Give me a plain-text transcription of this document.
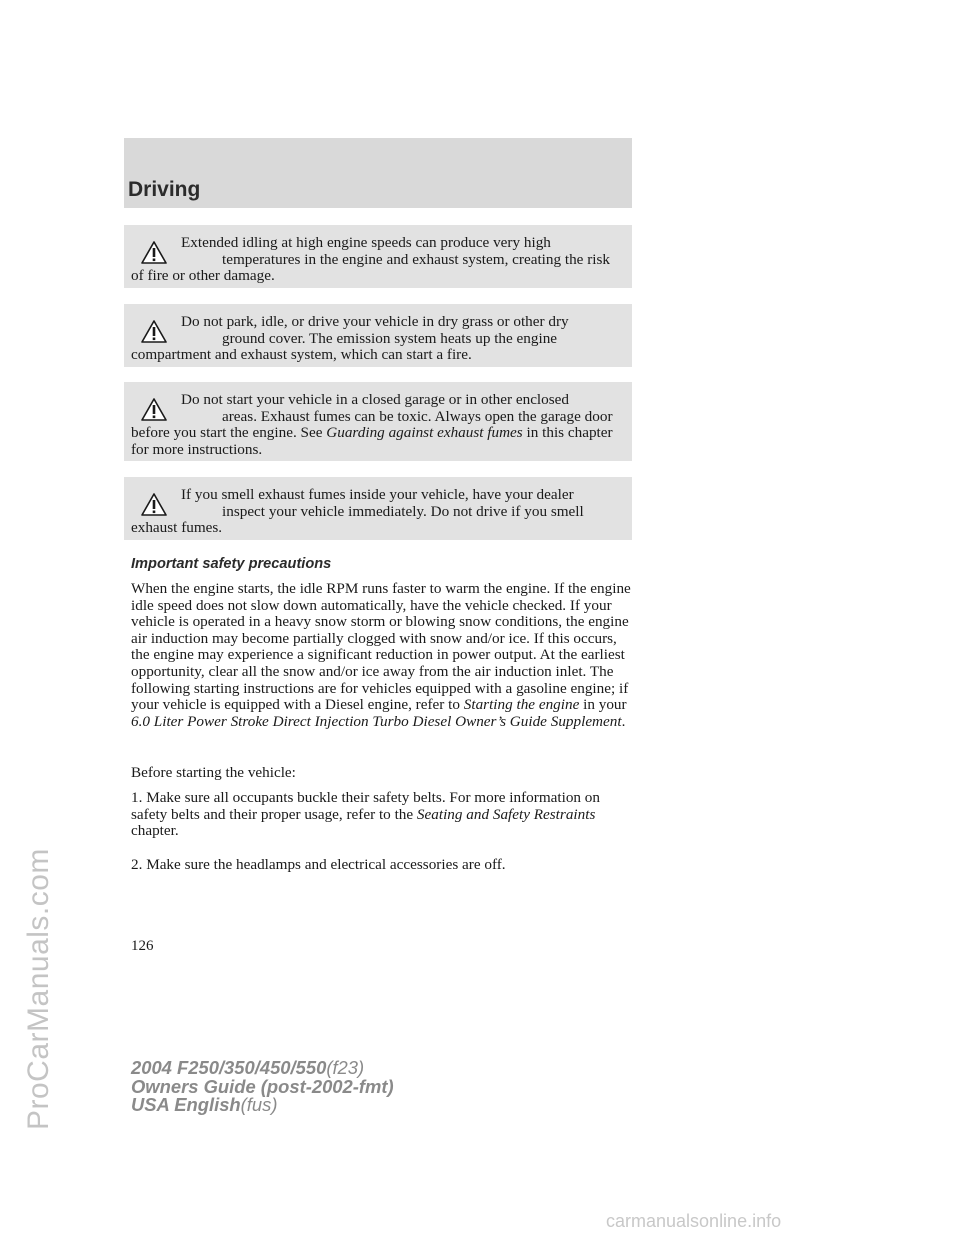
ProCarManuals.com
Driving

Extended idling at high engine speeds can produce very high

temperatures in the engine and exhaust system, creating the risk of fire or other damage.

Do not park, idle, or drive your vehicle in dry grass or other dry

ground cover. The emission system heats up the engine compartment and exhaust system, which can start a fire.

Do not start your vehicle in a closed garage or in other enclosed

areas. Exhaust fumes can be toxic. Always open the garage door before you start the engine. See Guarding against exhaust fumes in this chapter for more instructions.

If you smell exhaust fumes inside your vehicle, have your dealer

inspect your vehicle immediately. Do not drive if you smell exhaust fumes.

Important safety precautions

When the engine starts, the idle RPM runs faster to warm the engine. If the engine idle speed does not slow down automatically, have the vehicle checked. If your vehicle is operated in a heavy snow storm or blowing snow conditions, the engine air induction may become partially clogged with snow and/or ice. If this occurs, the engine may experience a significant reduction in power output. At the earliest opportunity, clear all the snow and/or ice away from the air induction inlet. The following starting instructions are for vehicles equipped with a gasoline engine; if your vehicle is equipped with a Diesel engine, refer to Starting the engine in your 6.0 Liter Power Stroke Direct Injection Turbo Diesel Owner’s Guide Supplement.

Before starting the vehicle:

1. Make sure all occupants buckle their safety belts. For more information on safety belts and their proper usage, refer to the Seating and Safety Restraints chapter.

2. Make sure the headlamps and electrical accessories are off.

126
2004 F250/350/450/550(f23)
Owners Guide (post-2002-fmt)
USA English(fus)
carmanualsonline.info
